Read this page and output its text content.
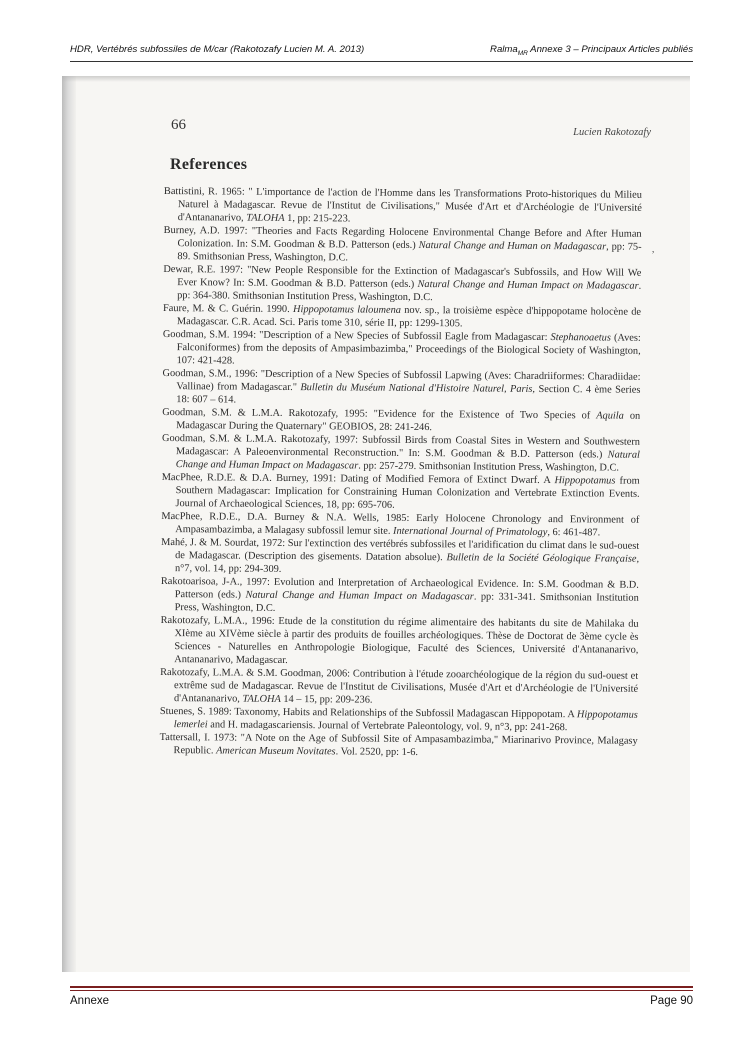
HDR, Vertébrés subfossiles de M/car (Rakotozafy Lucien M. A. 2013)	Ralma$_{MR}$ Annexe 3 – Principaux Articles publiés
66	Lucien Rakotozafy
References
,
Battistini, R. 1965: " L'importance de l'action de l'Homme dans les Transformations Proto-historiques du Milieu Naturel à Madagascar. Revue de l'Institut de Civilisations," Musée d'Art et d'Archéologie de l'Université d'Antananarivo, TALOHA 1, pp: 215-223.
Burney, A.D. 1997: "Theories and Facts Regarding Holocene Environmental Change Before and After Human Colonization. In: S.M. Goodman & B.D. Patterson (eds.) Natural Change and Human on Madagascar, pp: 75-89. Smithsonian Press, Washington, D.C.
Dewar, R.E. 1997: "New People Responsible for the Extinction of Madagascar's Subfossils, and How Will We Ever Know? In: S.M. Goodman & B.D. Patterson (eds.) Natural Change and Human Impact on Madagascar. pp: 364-380. Smithsonian Institution Press, Washington, D.C.
Faure, M. & C. Guérin. 1990. Hippopotamus laloumena nov. sp., la troisième espèce d'hippopotame holocène de Madagascar. C.R. Acad. Sci. Paris tome 310, série II, pp: 1299-1305.
Goodman, S.M. 1994: "Description of a New Species of Subfossil Eagle from Madagascar: Stephanoaetus (Aves: Falconiformes) from the deposits of Ampasimbazimba," Proceedings of the Biological Society of Washington, 107: 421-428.
Goodman, S.M., 1996: "Description of a New Species of Subfossil Lapwing (Aves: Charadriiformes: Charadiidae: Vallinae) from Madagascar." Bulletin du Muséum National d'Histoire Naturel, Paris, Section C. 4 ème Series 18: 607 – 614.
Goodman, S.M. & L.M.A. Rakotozafy, 1995: "Evidence for the Existence of Two Species of Aquila on Madagascar During the Quaternary" GEOBIOS, 28: 241-246.
Goodman, S.M. & L.M.A. Rakotozafy, 1997: Subfossil Birds from Coastal Sites in Western and Southwestern Madagascar: A Paleoenvironmental Reconstruction." In: S.M. Goodman & B.D. Patterson (eds.) Natural Change and Human Impact on Madagascar. pp: 257-279. Smithsonian Institution Press, Washington, D.C.
MacPhee, R.D.E. & D.A. Burney, 1991: Dating of Modified Femora of Extinct Dwarf. A Hippopotamus from Southern Madagascar: Implication for Constraining Human Colonization and Vertebrate Extinction Events. Journal of Archaeological Sciences, 18, pp: 695-706.
MacPhee, R.D.E., D.A. Burney & N.A. Wells, 1985: Early Holocene Chronology and Environment of Ampasambazimba, a Malagasy subfossil lemur site. International Journal of Primatology, 6: 461-487.
Mahé, J. & M. Sourdat, 1972: Sur l'extinction des vertébrés subfossiles et l'aridification du climat dans le sud-ouest de Madagascar. (Description des gisements. Datation absolue). Bulletin de la Société Géologique Française, n°7, vol. 14, pp: 294-309.
Rakotoarisoa, J-A., 1997: Evolution and Interpretation of Archaeological Evidence. In: S.M. Goodman & B.D. Patterson (eds.) Natural Change and Human Impact on Madagascar. pp: 331-341. Smithsonian Institution Press, Washington, D.C.
Rakotozafy, L.M.A., 1996: Etude de la constitution du régime alimentaire des habitants du site de Mahilaka du XIème au XIVème siècle à partir des produits de fouilles archéologiques. Thèse de Doctorat de 3ème cycle ès Sciences - Naturelles en Anthropologie Biologique, Faculté des Sciences, Université d'Antananarivo, Antananarivo, Madagascar.
Rakotozafy, L.M.A. & S.M. Goodman, 2006: Contribution à l'étude zooarchéologique de la région du sud-ouest et extrême sud de Madagascar. Revue de l'Institut de Civilisations, Musée d'Art et d'Archéologie de l'Université d'Antananarivo, TALOHA 14 – 15, pp: 209-236.
Stuenes, S. 1989: Taxonomy, Habits and Relationships of the Subfossil Madagascan Hippopotam. A Hippopotamus lemerlei and H. madagascariensis. Journal of Vertebrate Paleontology, vol. 9, n°3, pp: 241-268.
Tattersall, I. 1973: "A Note on the Age of Subfossil Site of Ampasambazimba," Miarinarivo Province, Malagasy Republic. American Museum Novitates. Vol. 2520, pp: 1-6.
Annexe	Page 90
